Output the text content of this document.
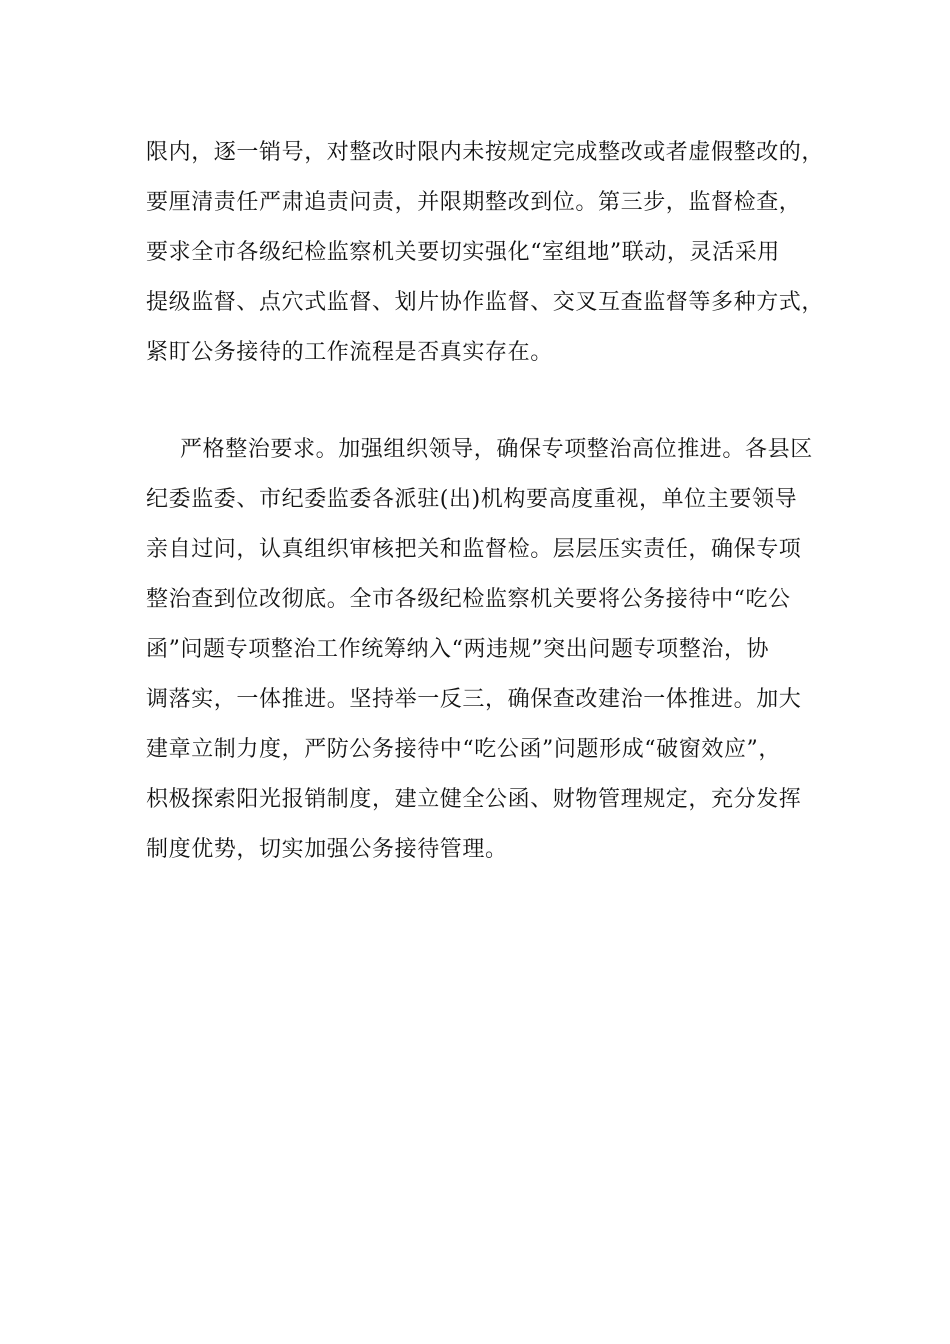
限内，逐一销号，对整改时限内未按规定完成整改或者虚假整改的，
要厘清责任严肃追责问责，并限期整改到位。第三步，监督检查，
要求全市各级纪检监察机关要切实强化“室组地”联动，灵活采用
提级监督、点穴式监督、划片协作监督、交叉互查监督等多种方式，
紧盯公务接待的工作流程是否真实存在。
严格整治要求。加强组织领导，确保专项整治高位推进。各县区
纪委监委、市纪委监委各派驻(出)机构要高度重视，单位主要领导
亲自过问，认真组织审核把关和监督检。层层压实责任，确保专项
整治查到位改彻底。全市各级纪检监察机关要将公务接待中“吃公
函”问题专项整治工作统筹纳入“两违规”突出问题专项整治，协
调落实，一体推进。坚持举一反三，确保查改建治一体推进。加大
建章立制力度，严防公务接待中“吃公函”问题形成“破窗效应”，
枳极探索阳光报销制度，建立健全公函、财物管理规定，充分发挥
制度优势，切实加强公务接待管理。
